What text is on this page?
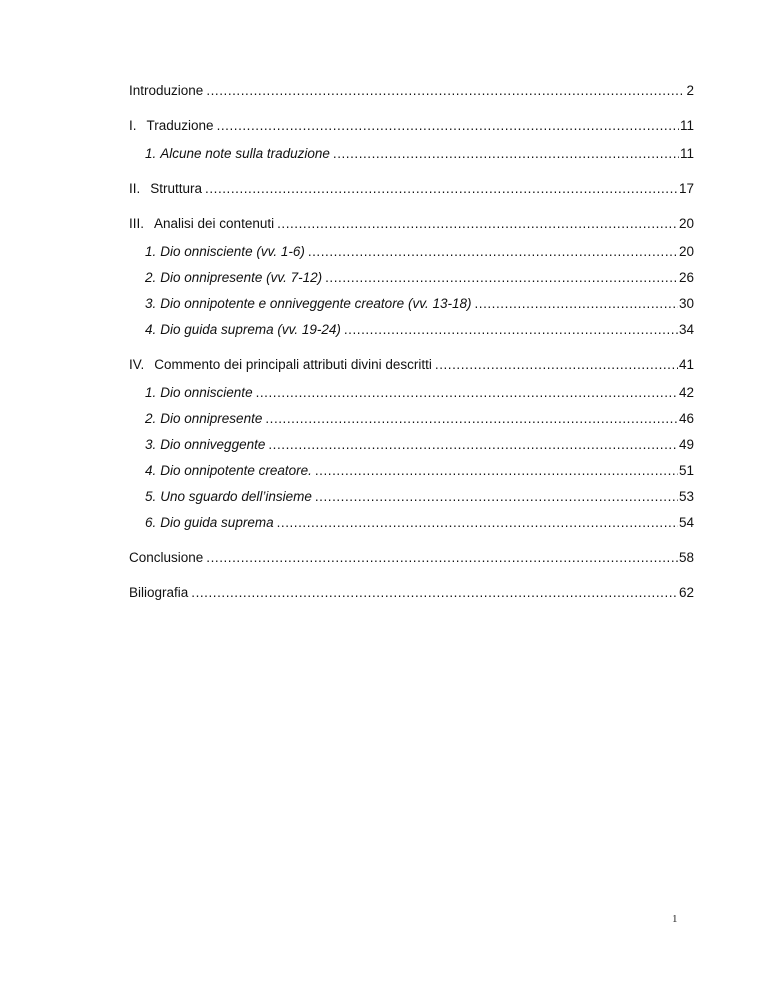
Introduzione . . .	2
I. Traduzione . . .	11
1. Alcune note sulla traduzione . . .	11
II. Struttura . . .	17
III. Analisi dei contenuti . . .	20
1. Dio onnisciente (vv. 1-6) . . .	20
2. Dio onnipresente (vv. 7-12) . . .	26
3. Dio onnipotente e onniveggente creatore (vv. 13-18) . . .	30
4. Dio guida suprema (vv. 19-24) . . .	34
IV. Commento dei principali attributi divini descritti . . .	41
1. Dio onnisciente . . .	42
2. Dio onnipresente . . .	46
3. Dio onniveggente . . .	49
4. Dio onnipotente creatore. . . .	51
5. Uno sguardo dell’insieme . . .	53
6. Dio guida suprema . . .	54
Conclusione . . .	58
Biliografia . . .	62
1
